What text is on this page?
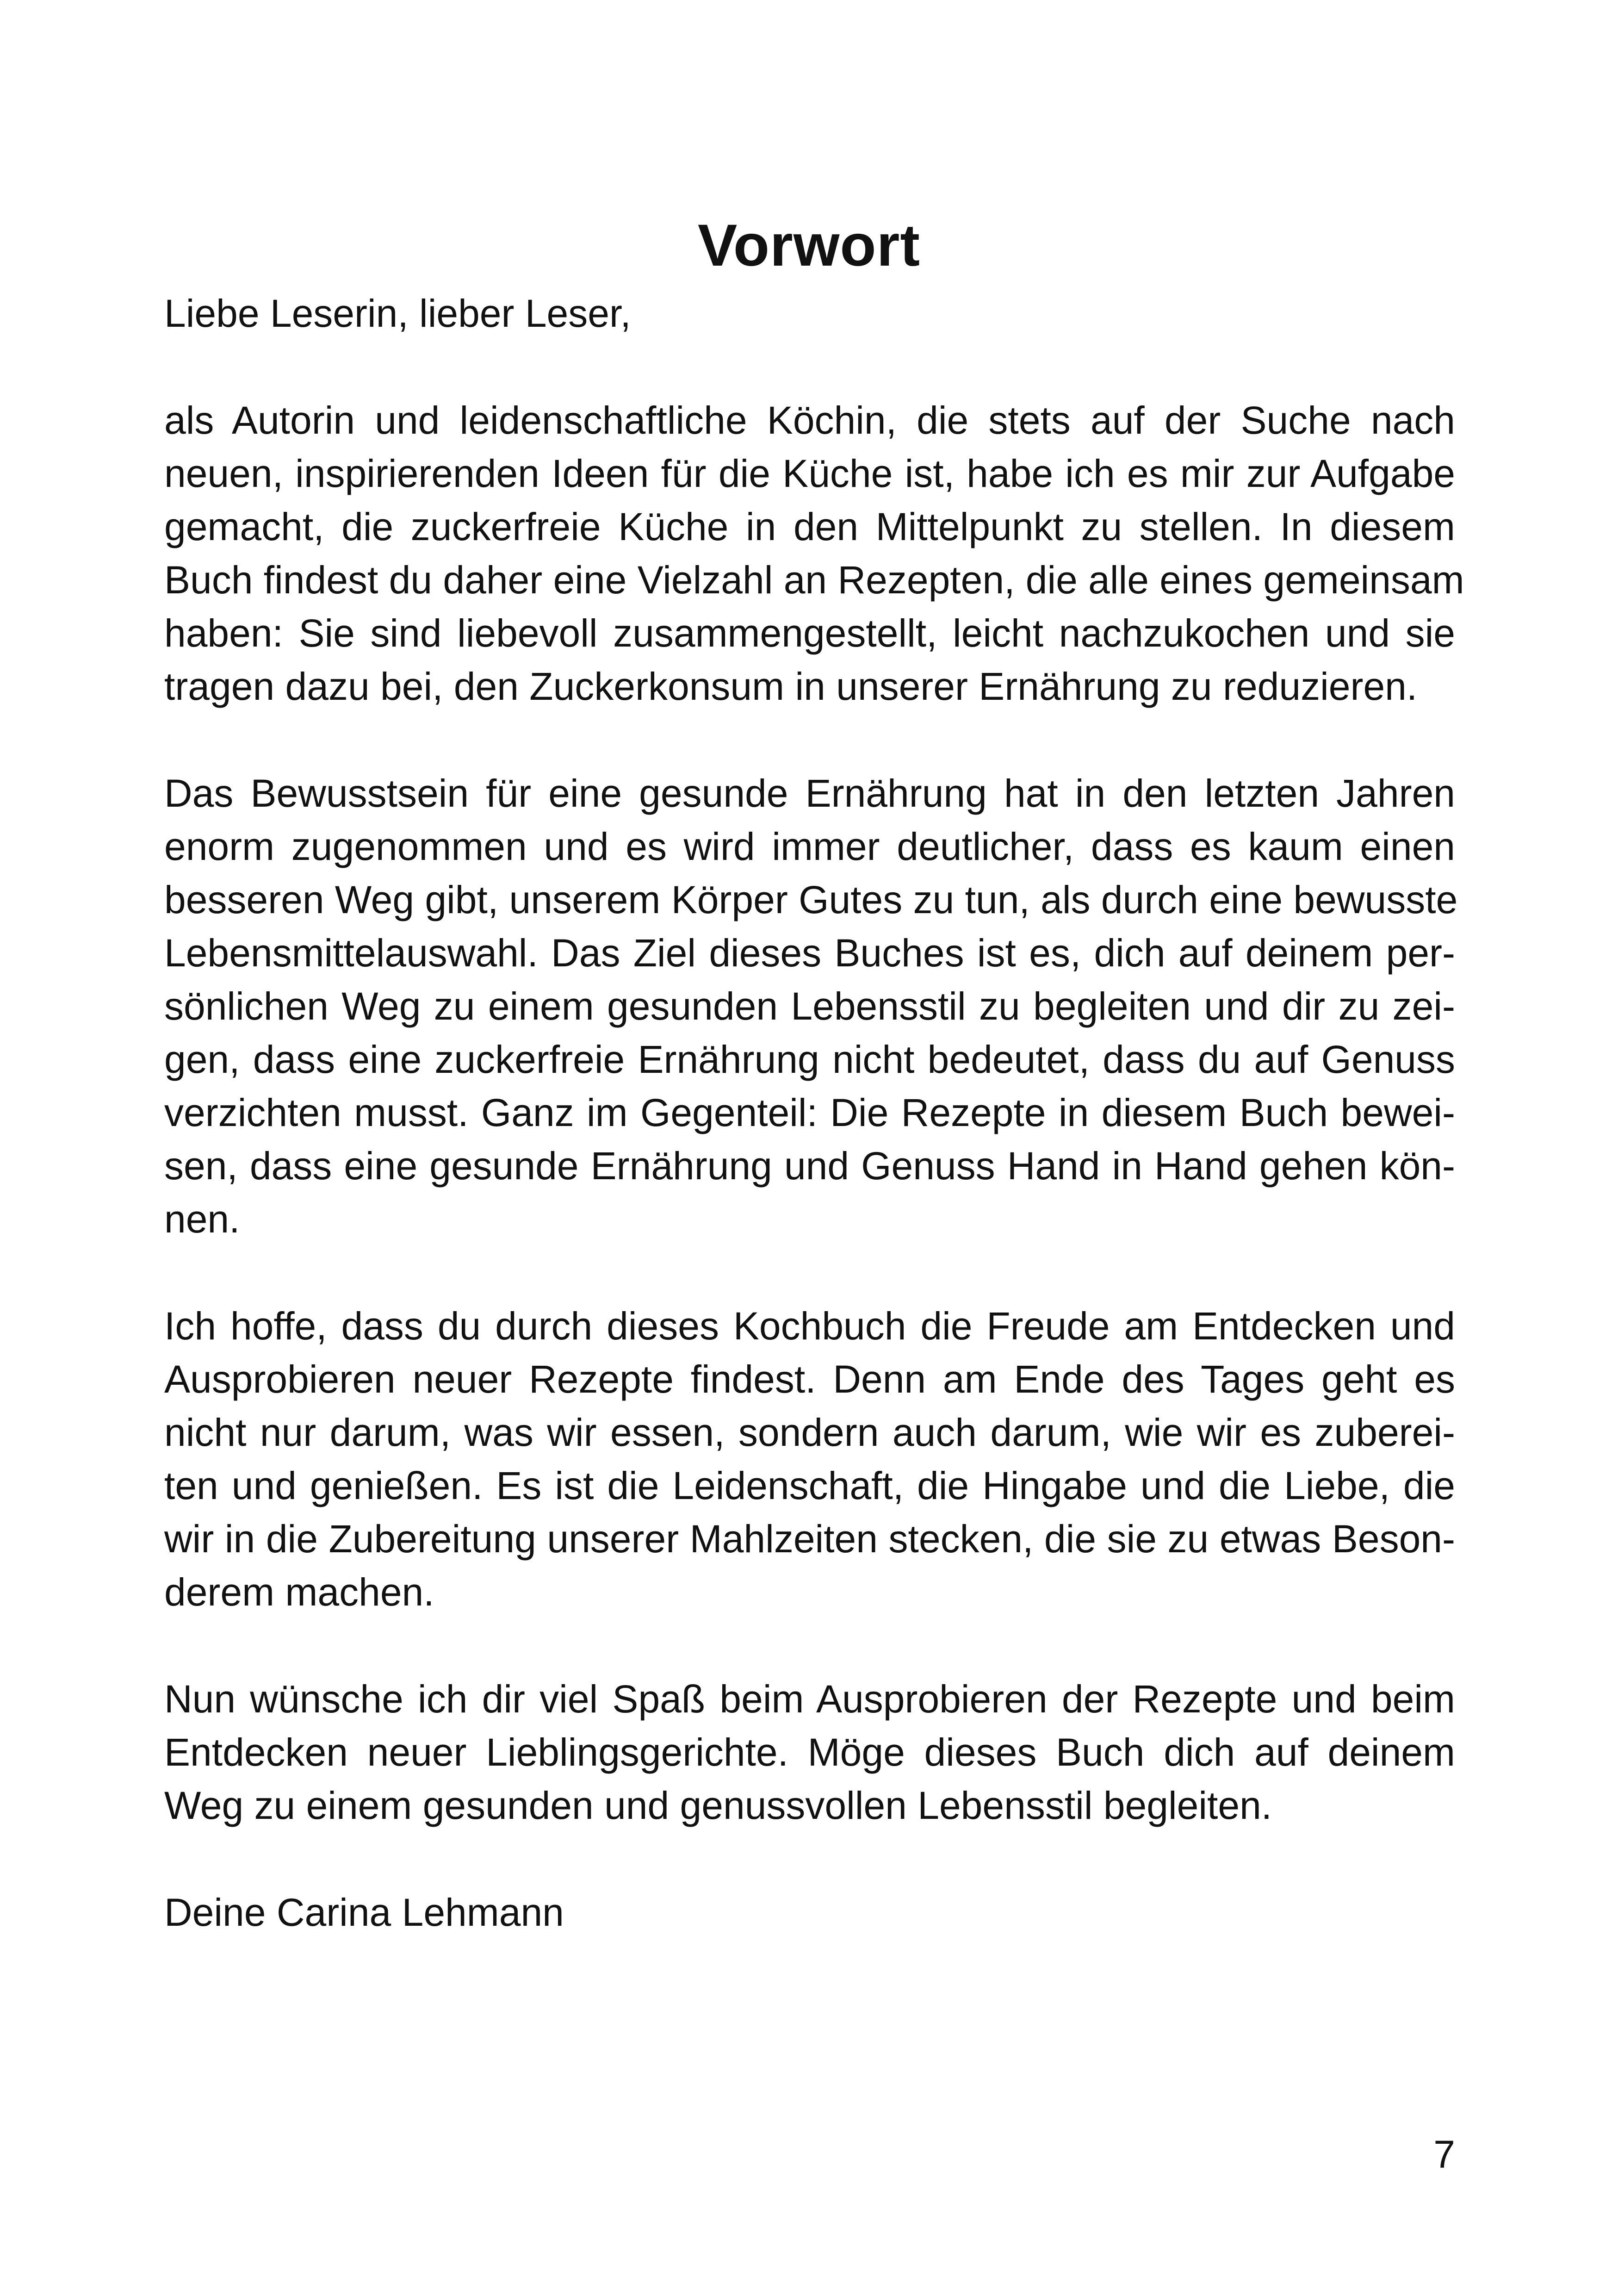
Vorwort

Liebe Leserin, lieber Leser,

als Autorin und leidenschaftliche Köchin, die stets auf der Suche nach
neuen, inspirierenden Ideen für die Küche ist, habe ich es mir zur Aufgabe
gemacht, die zuckerfreie Küche in den Mittelpunkt zu stellen. In diesem
Buch findest du daher eine Vielzahl an Rezepten, die alle eines gemeinsam
haben: Sie sind liebevoll zusammengestellt, leicht nachzukochen und sie
tragen dazu bei, den Zuckerkonsum in unserer Ernährung zu reduzieren.

Das Bewusstsein für eine gesunde Ernährung hat in den letzten Jahren
enorm zugenommen und es wird immer deutlicher, dass es kaum einen
besseren Weg gibt, unserem Körper Gutes zu tun, als durch eine bewusste
Lebensmittelauswahl. Das Ziel dieses Buches ist es, dich auf deinem per-
sönlichen Weg zu einem gesunden Lebensstil zu begleiten und dir zu zei-
gen, dass eine zuckerfreie Ernährung nicht bedeutet, dass du auf Genuss
verzichten musst. Ganz im Gegenteil: Die Rezepte in diesem Buch bewei-
sen, dass eine gesunde Ernährung und Genuss Hand in Hand gehen kön-
nen.

Ich hoffe, dass du durch dieses Kochbuch die Freude am Entdecken und
Ausprobieren neuer Rezepte findest. Denn am Ende des Tages geht es
nicht nur darum, was wir essen, sondern auch darum, wie wir es zuberei-
ten und genießen. Es ist die Leidenschaft, die Hingabe und die Liebe, die
wir in die Zubereitung unserer Mahlzeiten stecken, die sie zu etwas Beson-
derem machen.

Nun wünsche ich dir viel Spaß beim Ausprobieren der Rezepte und beim
Entdecken neuer Lieblingsgerichte. Möge dieses Buch dich auf deinem
Weg zu einem gesunden und genussvollen Lebensstil begleiten.

Deine Carina Lehmann

7
